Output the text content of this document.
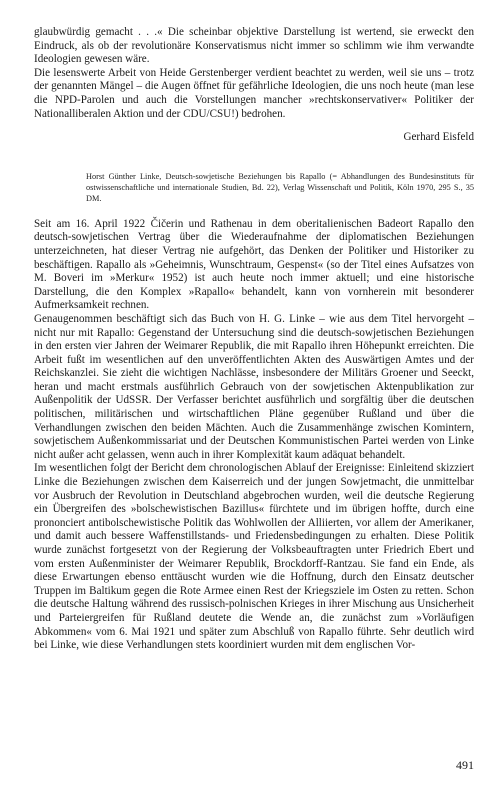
glaubwürdig gemacht . . .« Die scheinbar objektive Darstellung ist wertend, sie erweckt den Eindruck, als ob der revolutionäre Konservatismus nicht immer so schlimm wie ihm verwandte Ideologien gewesen wäre.

Die lesenswerte Arbeit von Heide Gerstenberger verdient beachtet zu werden, weil sie uns – trotz der genannten Mängel – die Augen öffnet für gefährliche Ideologien, die uns noch heute (man lese die NPD-Parolen und auch die Vorstellungen mancher »rechtskonservativer« Politiker der Nationalliberalen Aktion und der CDU/CSU!) bedrohen.

Gerhard Eisfeld

Horst Günther Linke, Deutsch-sowjetische Beziehungen bis Rapallo (= Abhandlungen des Bundesinstituts für ostwissenschaftliche und internationale Studien, Bd. 22), Verlag Wissenschaft und Politik, Köln 1970, 295 S., 35 DM.

Seit am 16. April 1922 Čičerin und Rathenau in dem oberitalienischen Badeort Rapallo den deutsch-sowjetischen Vertrag über die Wiederaufnahme der diplomatischen Beziehungen unterzeichneten, hat dieser Vertrag nie aufgehört, das Denken der Politiker und Historiker zu beschäftigen. Rapallo als »Geheimnis, Wunschtraum, Gespenst« (so der Titel eines Aufsatzes von M. Boveri im »Merkur« 1952) ist auch heute noch immer aktuell; und eine historische Darstellung, die den Komplex »Rapallo« behandelt, kann von vornherein mit besonderer Aufmerksamkeit rechnen.

Genaugenommen beschäftigt sich das Buch von H. G. Linke – wie aus dem Titel hervorgeht – nicht nur mit Rapallo: Gegenstand der Untersuchung sind die deutsch-sowjetischen Beziehungen in den ersten vier Jahren der Weimarer Republik, die mit Rapallo ihren Höhepunkt erreichten. Die Arbeit fußt im wesentlichen auf den unveröffentlichten Akten des Auswärtigen Amtes und der Reichskanzlei. Sie zieht die wichtigen Nachlässe, insbesondere der Militärs Groener und Seeckt, heran und macht erstmals ausführlich Gebrauch von der sowjetischen Aktenpublikation zur Außenpolitik der UdSSR. Der Verfasser berichtet ausführlich und sorgfältig über die deutschen politischen, militärischen und wirtschaftlichen Pläne gegenüber Rußland und über die Verhandlungen zwischen den beiden Mächten. Auch die Zusammenhänge zwischen Komintern, sowjetischem Außenkommissariat und der Deutschen Kommunistischen Partei werden von Linke nicht außer acht gelassen, wenn auch in ihrer Komplexität kaum adäquat behandelt.

Im wesentlichen folgt der Bericht dem chronologischen Ablauf der Ereignisse: Einleitend skizziert Linke die Beziehungen zwischen dem Kaiserreich und der jungen Sowjetmacht, die unmittelbar vor Ausbruch der Revolution in Deutschland abgebrochen wurden, weil die deutsche Regierung ein Übergreifen des »bolschewistischen Bazillus« fürchtete und im übrigen hoffte, durch eine prononciert antibolschewistische Politik das Wohlwollen der Alliierten, vor allem der Amerikaner, und damit auch bessere Waffenstillstands- und Friedensbedingungen zu erhalten. Diese Politik wurde zunächst fortgesetzt von der Regierung der Volksbeauftragten unter Friedrich Ebert und vom ersten Außenminister der Weimarer Republik, Brockdorff-Rantzau. Sie fand ein Ende, als diese Erwartungen ebenso enttäuscht wurden wie die Hoffnung, durch den Einsatz deutscher Truppen im Baltikum gegen die Rote Armee einen Rest der Kriegsziele im Osten zu retten. Schon die deutsche Haltung während des russisch-polnischen Krieges in ihrer Mischung aus Unsicherheit und Parteiergreifen für Rußland deutete die Wende an, die zunächst zum »Vorläufigen Abkommen« vom 6. Mai 1921 und später zum Abschluß von Rapallo führte. Sehr deutlich wird bei Linke, wie diese Verhandlungen stets koordiniert wurden mit dem englischen Vor-

491
